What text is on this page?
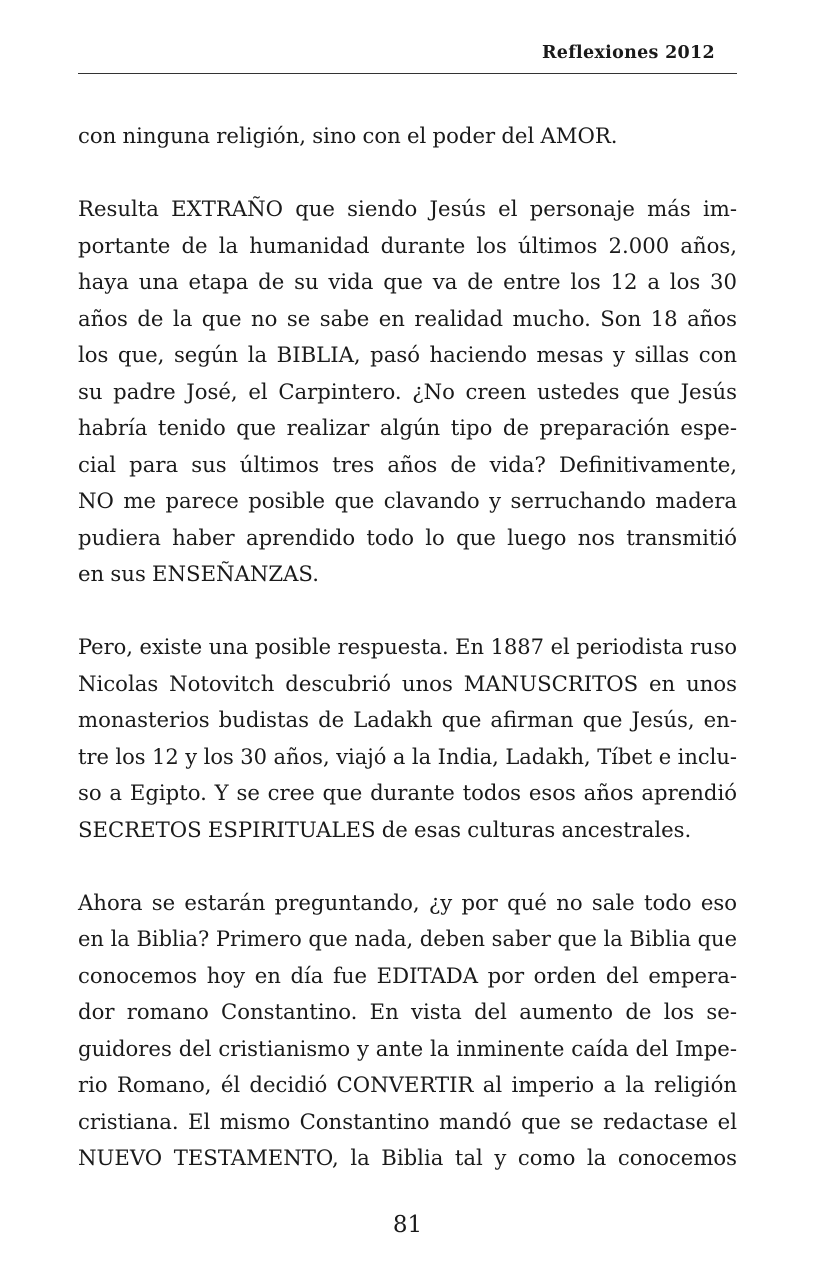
Reflexiones 2012
con ninguna religión, sino con el poder del AMOR.
Resulta EXTRAÑO que siendo Jesús el personaje más im-
portante de la humanidad durante los últimos 2.000 años,
haya una etapa de su vida que va de entre los 12 a los 30
años de la que no se sabe en realidad mucho. Son 18 años
los que, según la BIBLIA, pasó haciendo mesas y sillas con
su padre José, el Carpintero. ¿No creen ustedes que Jesús
habría tenido que realizar algún tipo de preparación espe-
cial para sus últimos tres años de vida? Definitivamente,
NO me parece posible que clavando y serruchando madera
pudiera haber aprendido todo lo que luego nos transmitió
en sus ENSEÑANZAS.
Pero, existe una posible respuesta. En 1887 el periodista ruso
Nicolas Notovitch descubrió unos MANUSCRITOS en unos
monasterios budistas de Ladakh que afirman que Jesús, en-
tre los 12 y los 30 años, viajó a la India, Ladakh, Tíbet e inclu-
so a Egipto. Y se cree que durante todos esos años aprendió
SECRETOS ESPIRITUALES de esas culturas ancestrales.
Ahora se estarán preguntando, ¿y por qué no sale todo eso
en la Biblia? Primero que nada, deben saber que la Biblia que
conocemos hoy en día fue EDITADA por orden del empera-
dor romano Constantino. En vista del aumento de los se-
guidores del cristianismo y ante la inminente caída del Impe-
rio Romano, él decidió CONVERTIR al imperio a la religión
cristiana. El mismo Constantino mandó que se redactase el
NUEVO TESTAMENTO, la Biblia tal y como la conocemos
81
